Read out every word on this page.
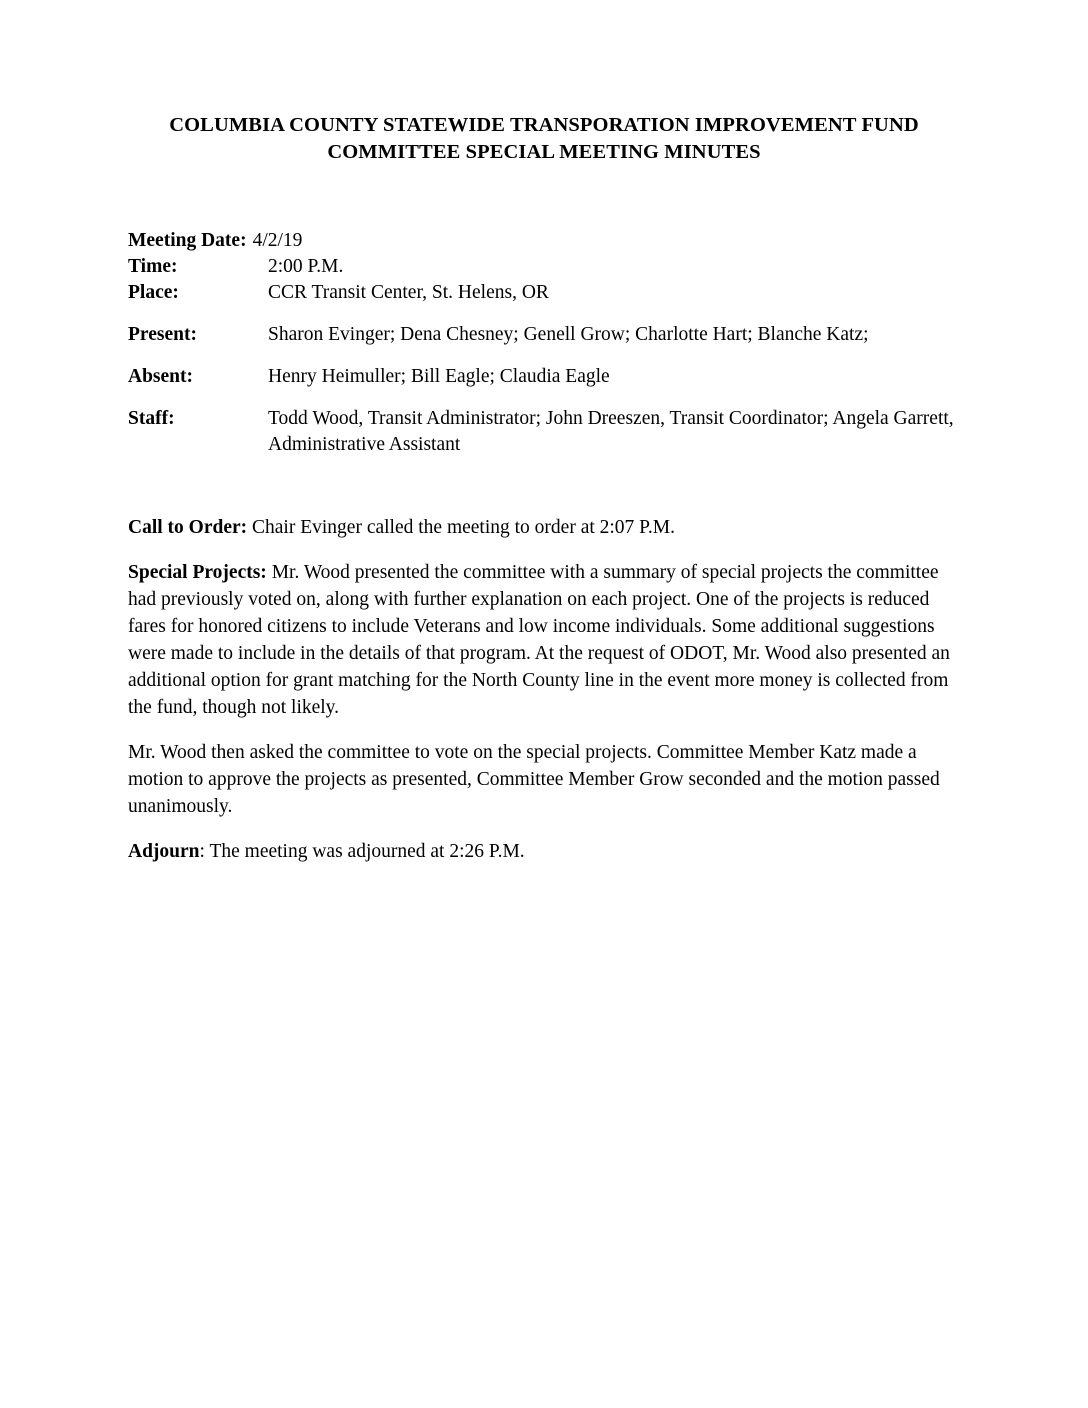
COLUMBIA COUNTY STATEWIDE TRANSPORATION IMPROVEMENT FUND
COMMITTEE SPECIAL MEETING MINUTES
Meeting Date: 4/2/19
Time:	2:00 P.M.
Place:	CCR Transit Center, St. Helens, OR
Present:	Sharon Evinger; Dena Chesney; Genell Grow; Charlotte Hart; Blanche Katz;
Absent:	Henry Heimuller; Bill Eagle; Claudia Eagle
Staff:	Todd Wood, Transit Administrator; John Dreeszen, Transit Coordinator; Angela Garrett, Administrative Assistant

Call to Order: Chair Evinger called the meeting to order at 2:07 P.M.

Special Projects: Mr. Wood presented the committee with a summary of special projects the committee had previously voted on, along with further explanation on each project. One of the projects is reduced fares for honored citizens to include Veterans and low income individuals. Some additional suggestions were made to include in the details of that program. At the request of ODOT, Mr. Wood also presented an additional option for grant matching for the North County line in the event more money is collected from the fund, though not likely.

Mr. Wood then asked the committee to vote on the special projects. Committee Member Katz made a motion to approve the projects as presented, Committee Member Grow seconded and the motion passed unanimously.

Adjourn: The meeting was adjourned at 2:26 P.M.
